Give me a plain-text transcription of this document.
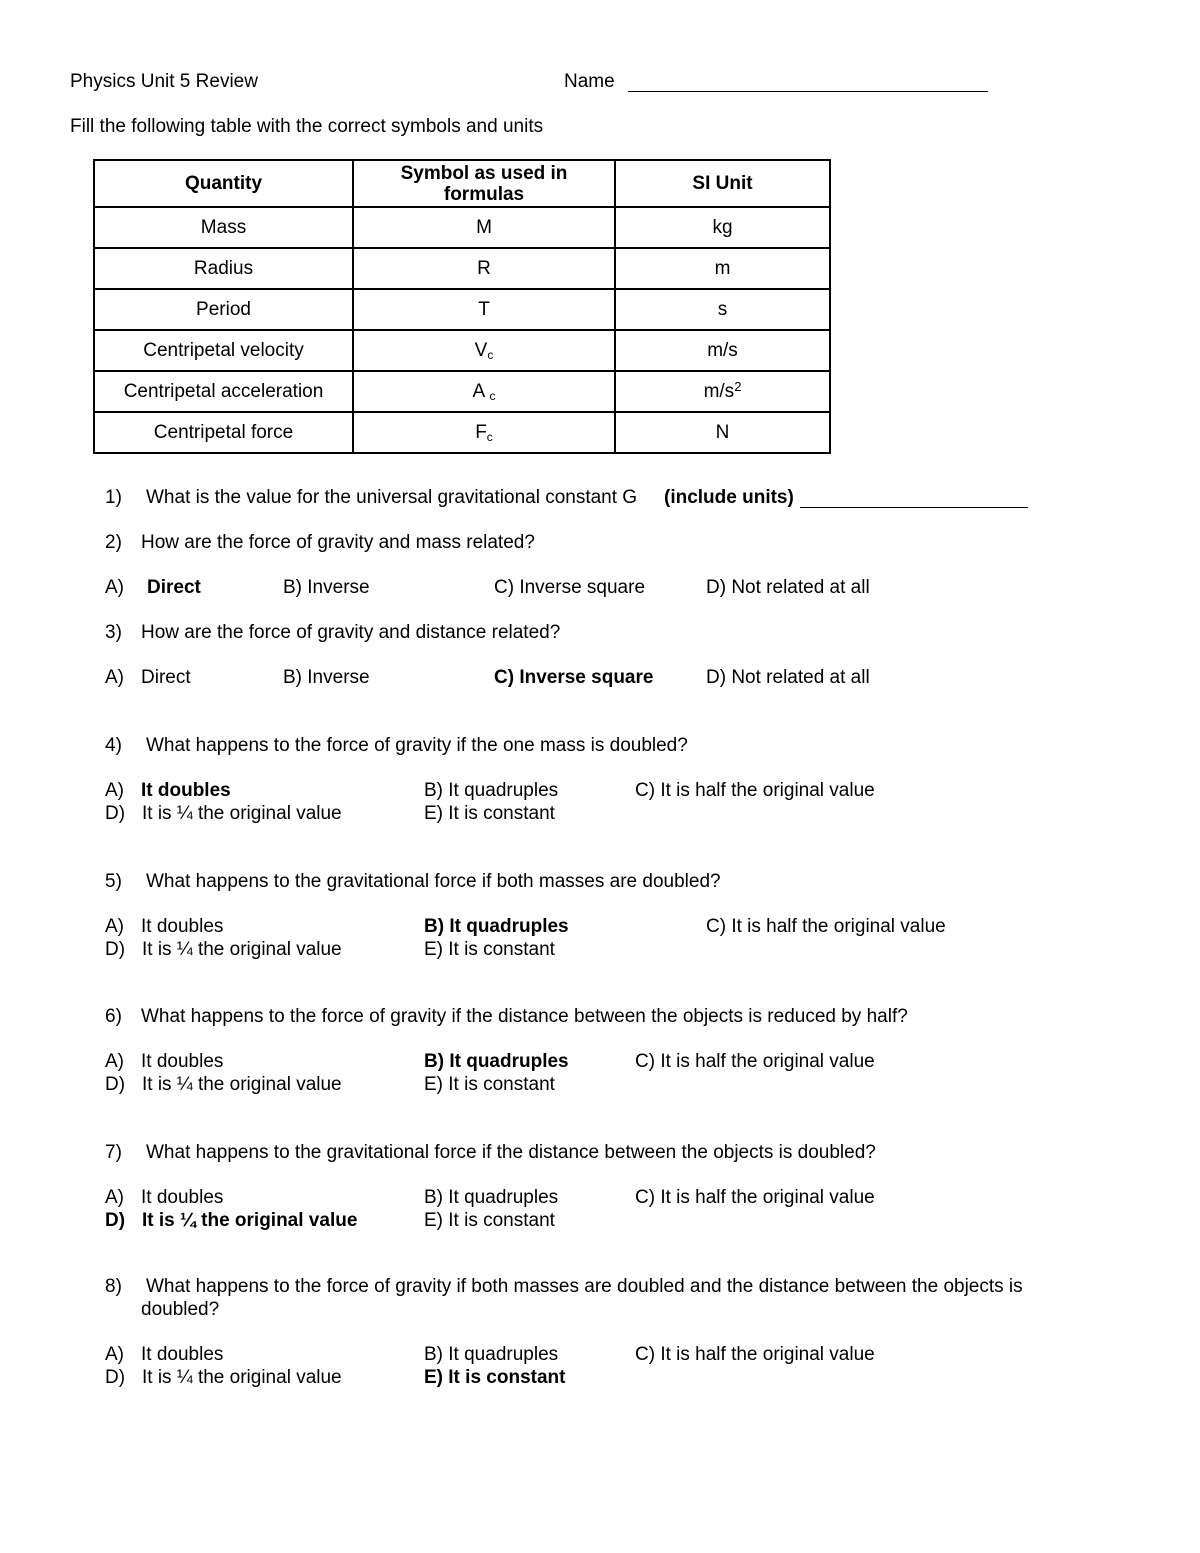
Physics Unit 5 Review	Name
Fill the following table with the correct symbols and units
Quantity	Symbol as used in formulas	SI Unit
Mass	M	kg
Radius	R	m
Period	T	s
Centripetal velocity	$V_c$	m/s
Centripetal acceleration	A $_c$	$m/s^2$
Centripetal force	$F_c$	N
1) What is the value for the universal gravitational constant G (include units)
2) How are the force of gravity and mass related?
A) Direct	B) Inverse	C) Inverse square	D) Not related at all
3) How are the force of gravity and distance related?
A) Direct	B) Inverse	C) Inverse square	D) Not related at all
4) What happens to the force of gravity if the one mass is doubled?
A) It doubles	B) It quadruples	C) It is half the original value
D) It is ¼ the original value	E) It is constant
5) What happens to the gravitational force if both masses are doubled?
A) It doubles	B) It quadruples	C) It is half the original value
D) It is ¼ the original value	E) It is constant
6) What happens to the force of gravity if the distance between the objects is reduced by half?
A) It doubles	B) It quadruples	C) It is half the original value
D) It is ¼ the original value	E) It is constant
7) What happens to the gravitational force if the distance between the objects is doubled?
A) It doubles	B) It quadruples	C) It is half the original value
D) It is ¼ the original value	E) It is constant
8) What happens to the force of gravity if both masses are doubled and the distance between the objects is
doubled?
A) It doubles	B) It quadruples	C) It is half the original value
D) It is ¼ the original value	E) It is constant
